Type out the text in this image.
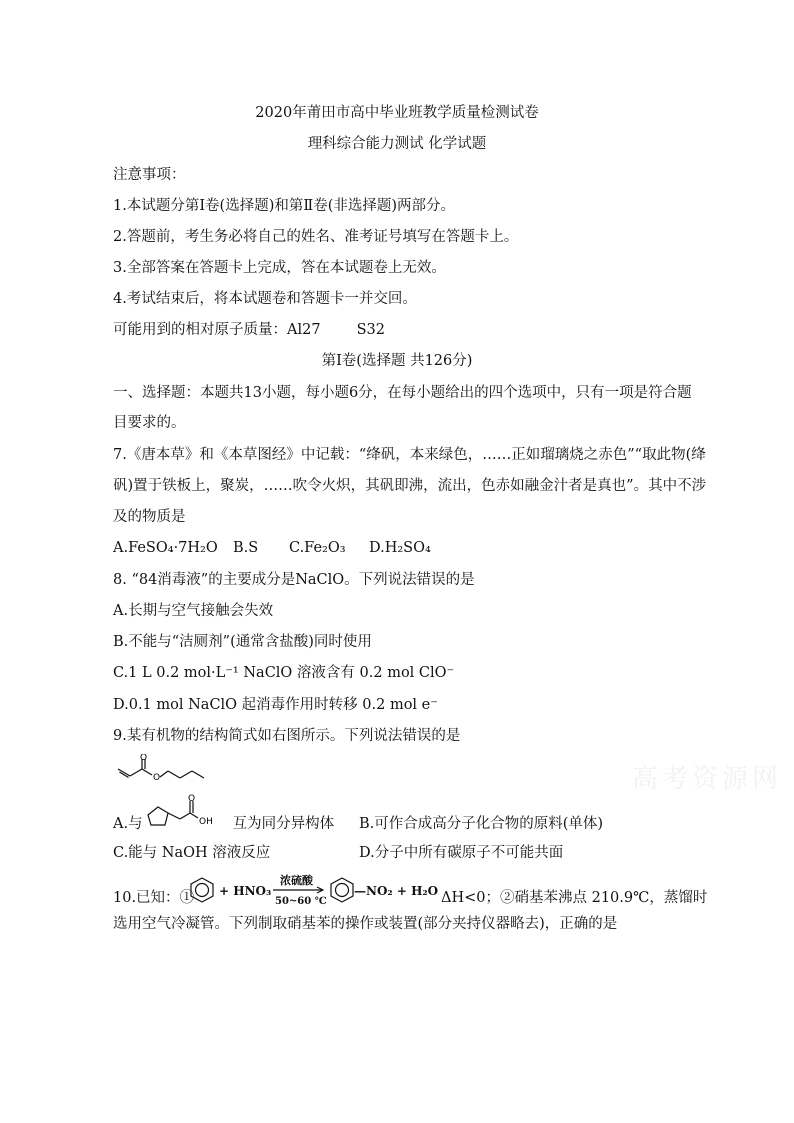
2020年莆田市高中毕业班教学质量检测试卷
理科综合能力测试 化学试题
注意事项：
1.本试题分第Ⅰ卷(选择题)和第Ⅱ卷(非选择题)两部分。
2.答题前，考生务必将自己的姓名、准考证号填写在答题卡上。
3.全部答案在答题卡上完成，答在本试题卷上无效。
4.考试结束后，将本试题卷和答题卡一并交回。
可能用到的相对原子质量：Al27 S32
第Ⅰ卷(选择题 共126分)
一、选择题：本题共13小题，每小题6分，在每小题给出的四个选项中，只有一项是符合题
目要求的。
7.《唐本草》和《本草图经》中记载：“绛矾，本来绿色，……正如瑠璃烧之赤色”“取此物(绛
矾)置于铁板上，聚炭，……吹令火炽，其矾即沸，流出，色赤如融金汁者是真也”。其中不涉
及的物质是
A.FeSO₄·7H₂O B.S C.Fe₂O₃ D.H₂SO₄
8. “84消毒液”的主要成分是NaClO。下列说法错误的是
A.长期与空气接触会失效
B.不能与“洁厕剂”(通常含盐酸)同时使用
C.1 L 0.2 mol·L⁻¹ NaClO 溶液含有 0.2 mol ClO⁻
D.0.1 mol NaClO 起消毒作用时转移 0.2 mol e⁻
9.某有机物的结构简式如右图所示。下列说法错误的是
O
O
A.与	互为同分异构体
O
OH	B.可作合成高分子化合物的原料(单体)
C.能与 NaOH 溶液反应	D.分子中所有碳原子不可能共面
10.已知：① + HNO₃
浓硫酸
50~60 ℃
—NO₂ + H₂O ΔH<0；②硝基苯沸点 210.9℃，蒸馏时
选用空气冷凝管。下列制取硝基苯的操作或装置(部分夹持仪器略去)，正确的是
高考资源网
